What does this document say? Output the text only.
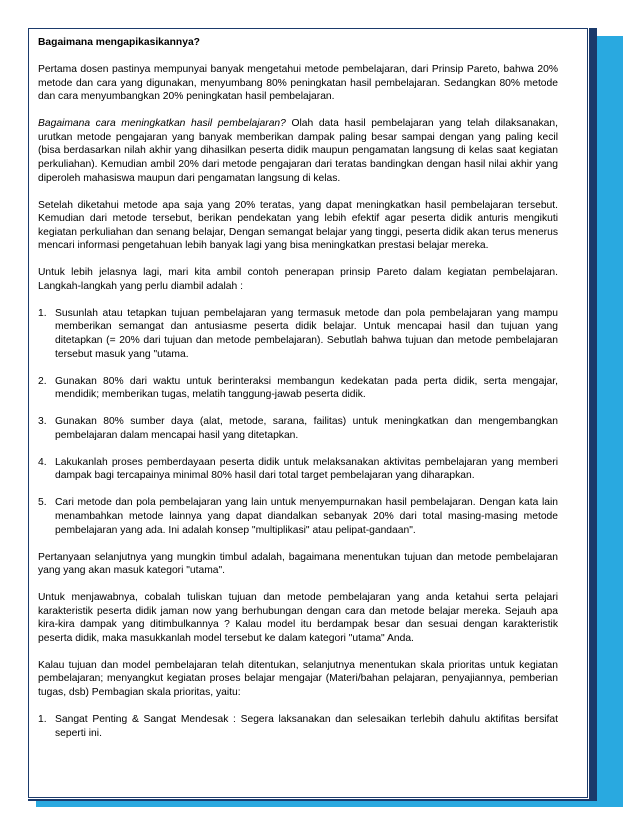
Bagaimana mengapikasikannya?

Pertama dosen pastinya mempunyai banyak mengetahui metode pembelajaran, dari Prinsip Pareto, bahwa 20% metode dan cara yang digunakan, menyumbang 80% peningkatan hasil pembelajaran. Sedangkan 80% metode dan cara menyumbangkan 20% peningkatan hasil pembelajaran.

Bagaimana cara meningkatkan hasil pembelajaran? Olah data hasil pembelajaran yang telah dilaksanakan, urutkan metode pengajaran yang banyak memberikan dampak paling besar sampai dengan yang paling kecil (bisa berdasarkan nilah akhir yang dihasilkan peserta didik maupun pengamatan langsung di kelas saat kegiatan perkuliahan). Kemudian ambil 20% dari metode pengajaran dari teratas bandingkan dengan hasil nilai akhir yang diperoleh mahasiswa maupun dari pengamatan langsung di kelas.

Setelah diketahui metode apa saja yang 20% teratas, yang dapat meningkatkan hasil pembelajaran tersebut. Kemudian dari metode tersebut, berikan pendekatan yang lebih efektif agar peserta didik anturis mengikuti kegiatan perkuliahan dan senang belajar, Dengan semangat belajar yang tinggi, peserta didik akan terus menerus mencari informasi pengetahuan lebih banyak lagi yang bisa meningkatkan prestasi belajar mereka.

Untuk lebih jelasnya lagi, mari kita ambil contoh penerapan prinsip Pareto dalam kegiatan pembelajaran. Langkah-langkah yang perlu diambil adalah :

1. Susunlah atau tetapkan tujuan pembelajaran yang termasuk metode dan pola pembelajaran yang mampu memberikan semangat dan antusiasme peserta didik belajar. Untuk mencapai hasil dan tujuan yang ditetapkan (= 20% dari tujuan dan metode pembelajaran). Sebutlah bahwa tujuan dan metode pembelajaran tersebut masuk yang "utama.
2. Gunakan 80% dari waktu untuk berinteraksi membangun kedekatan pada perta didik, serta mengajar, mendidik; memberikan tugas, melatih tanggung-jawab peserta didik.
3. Gunakan 80% sumber daya (alat, metode, sarana, failitas) untuk meningkatkan dan mengembangkan pembelajaran dalam mencapai hasil yang ditetapkan.
4. Lakukanlah proses pemberdayaan peserta didik untuk melaksanakan aktivitas pembelajaran yang memberi dampak bagi tercapainya minimal 80% hasil dari total target pembelajaran yang diharapkan.
5. Cari metode dan pola pembelajaran yang lain untuk menyempurnakan hasil pembelajaran. Dengan kata lain menambahkan metode lainnya yang dapat diandalkan sebanyak 20% dari total masing-masing metode pembelajaran yang ada. Ini adalah konsep "multiplikasi" atau pelipat-gandaan".

Pertanyaan selanjutnya yang mungkin timbul adalah, bagaimana menentukan tujuan dan metode pembelajaran yang yang akan masuk kategori "utama".

Untuk menjawabnya, cobalah tuliskan tujuan dan metode pembelajaran yang anda ketahui serta pelajari karakteristik peserta didik jaman now yang berhubungan dengan cara dan metode belajar mereka. Sejauh apa kira-kira dampak yang ditimbulkannya ? Kalau model itu berdampak besar dan sesuai dengan karakteristik peserta didik, maka masukkanlah model tersebut ke dalam kategori "utama" Anda.

Kalau tujuan dan model pembelajaran telah ditentukan, selanjutnya menentukan skala prioritas untuk kegiatan pembelajaran; menyangkut kegiatan proses belajar mengajar (Materi/bahan pelajaran, penyajiannya, pemberian tugas, dsb) Pembagian skala prioritas, yaitu:

1. Sangat Penting & Sangat Mendesak : Segera laksanakan dan selesaikan terlebih dahulu aktifitas bersifat seperti ini.
